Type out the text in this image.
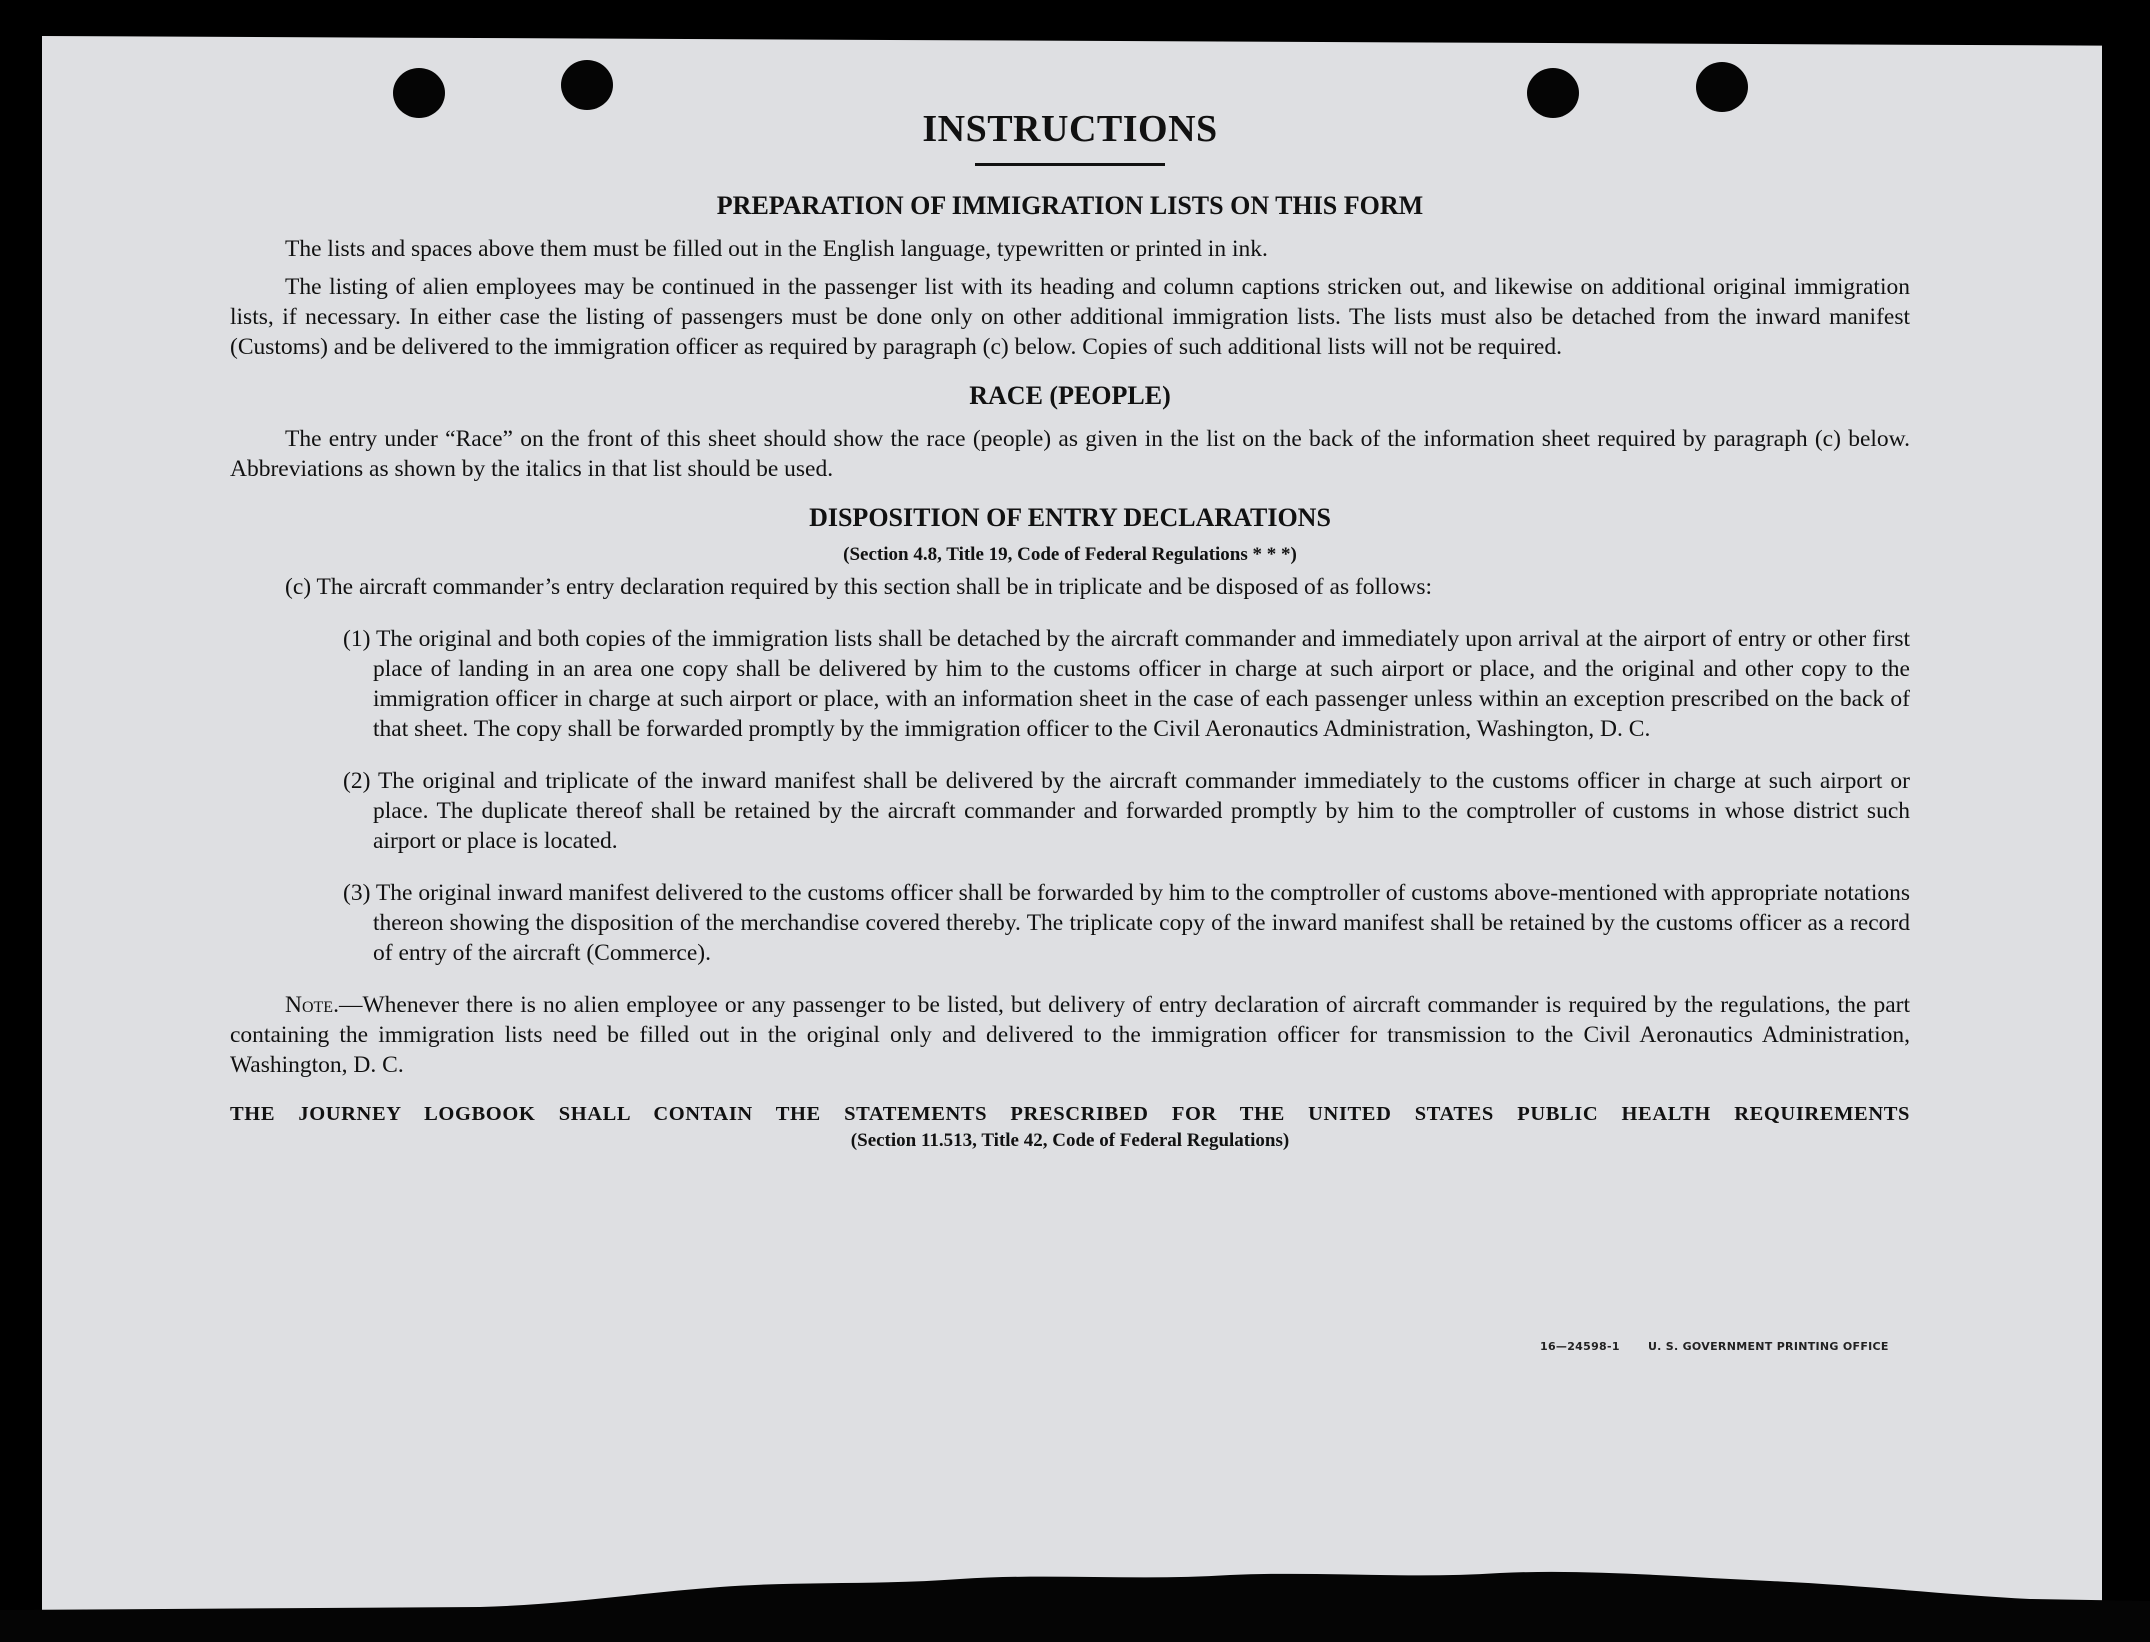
INSTRUCTIONS
PREPARATION OF IMMIGRATION LISTS ON THIS FORM

The lists and spaces above them must be filled out in the English language, typewritten or printed in ink.

The listing of alien employees may be continued in the passenger list with its heading and column captions stricken out, and likewise on additional original immigration lists, if necessary. In either case the listing of passengers must be done only on other additional immigration lists. The lists must also be detached from the inward manifest (Customs) and be delivered to the immigration officer as required by paragraph (c) below. Copies of such additional lists will not be required.

RACE (PEOPLE)

The entry under “Race” on the front of this sheet should show the race (people) as given in the list on the back of the information sheet required by paragraph (c) below. Abbreviations as shown by the italics in that list should be used.

DISPOSITION OF ENTRY DECLARATIONS
(Section 4.8, Title 19, Code of Federal Regulations * * *)

(c) The aircraft commander’s entry declaration required by this section shall be in triplicate and be disposed of as follows:

(1) The original and both copies of the immigration lists shall be detached by the aircraft commander and immediately upon arrival at the airport of entry or other first place of landing in an area one copy shall be delivered by him to the customs officer in charge at such airport or place, and the original and other copy to the immigration officer in charge at such airport or place, with an information sheet in the case of each passenger unless within an exception prescribed on the back of that sheet. The copy shall be forwarded promptly by the immigration officer to the Civil Aeronautics Administration, Washington, D. C.

(2) The original and triplicate of the inward manifest shall be delivered by the aircraft commander immediately to the customs officer in charge at such airport or place. The duplicate thereof shall be retained by the aircraft commander and forwarded promptly by him to the comptroller of customs in whose district such airport or place is located.

(3) The original inward manifest delivered to the customs officer shall be forwarded by him to the comptroller of customs above-mentioned with appropriate notations thereon showing the disposition of the merchandise covered thereby. The triplicate copy of the inward manifest shall be retained by the customs officer as a record of entry of the aircraft (Commerce).

Note.—Whenever there is no alien employee or any passenger to be listed, but delivery of entry declaration of aircraft commander is required by the regulations, the part containing the immigration lists need be filled out in the original only and delivered to the immigration officer for transmission to the Civil Aeronautics Administration, Washington, D. C.

THE JOURNEY LOGBOOK SHALL CONTAIN THE STATEMENTS PRESCRIBED FOR THE UNITED STATES PUBLIC HEALTH REQUIREMENTS
(Section 11.513, Title 42, Code of Federal Regulations)
16—24598-1	U. S. GOVERNMENT PRINTING OFFICE
